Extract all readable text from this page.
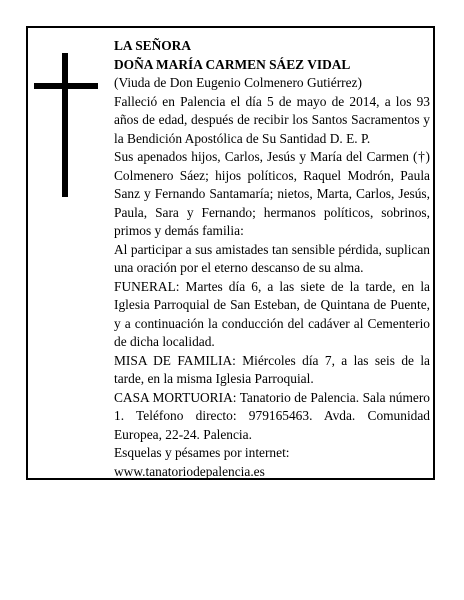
LA SEÑORA
DOÑA MARÍA CARMEN SÁEZ VIDAL
(Viuda de Don Eugenio Colmenero Gutiérrez)
Falleció en Palencia el día 5 de mayo de 2014, a los 93 años de edad, después de recibir los Santos Sacramentos y la Bendición Apostólica de Su Santidad D. E. P.
Sus apenados hijos, Carlos, Jesús y María del Carmen (†) Colmenero Sáez; hijos políticos, Raquel Modrón, Paula Sanz y Fernando Santamaría; nietos, Marta, Carlos, Jesús, Paula, Sara y Fernando; hermanos políticos, sobrinos, primos y demás familia:
Al participar a sus amistades tan sensible pérdida, suplican una oración por el eterno descanso de su alma.
FUNERAL: Martes día 6, a las siete de la tarde, en la Iglesia Parroquial de San Esteban, de Quintana de Puente, y a continuación la conducción del cadáver al Cementerio de dicha localidad.
MISA DE FAMILIA: Miércoles día 7, a las seis de la tarde, en la misma Iglesia Parroquial.
CASA MORTUORIA: Tanatorio de Palencia. Sala número 1. Teléfono directo: 979165463. Avda. Comunidad Europea, 22-24. Palencia.
Esquelas y pésames por internet:
www.tanatoriodepalencia.es
